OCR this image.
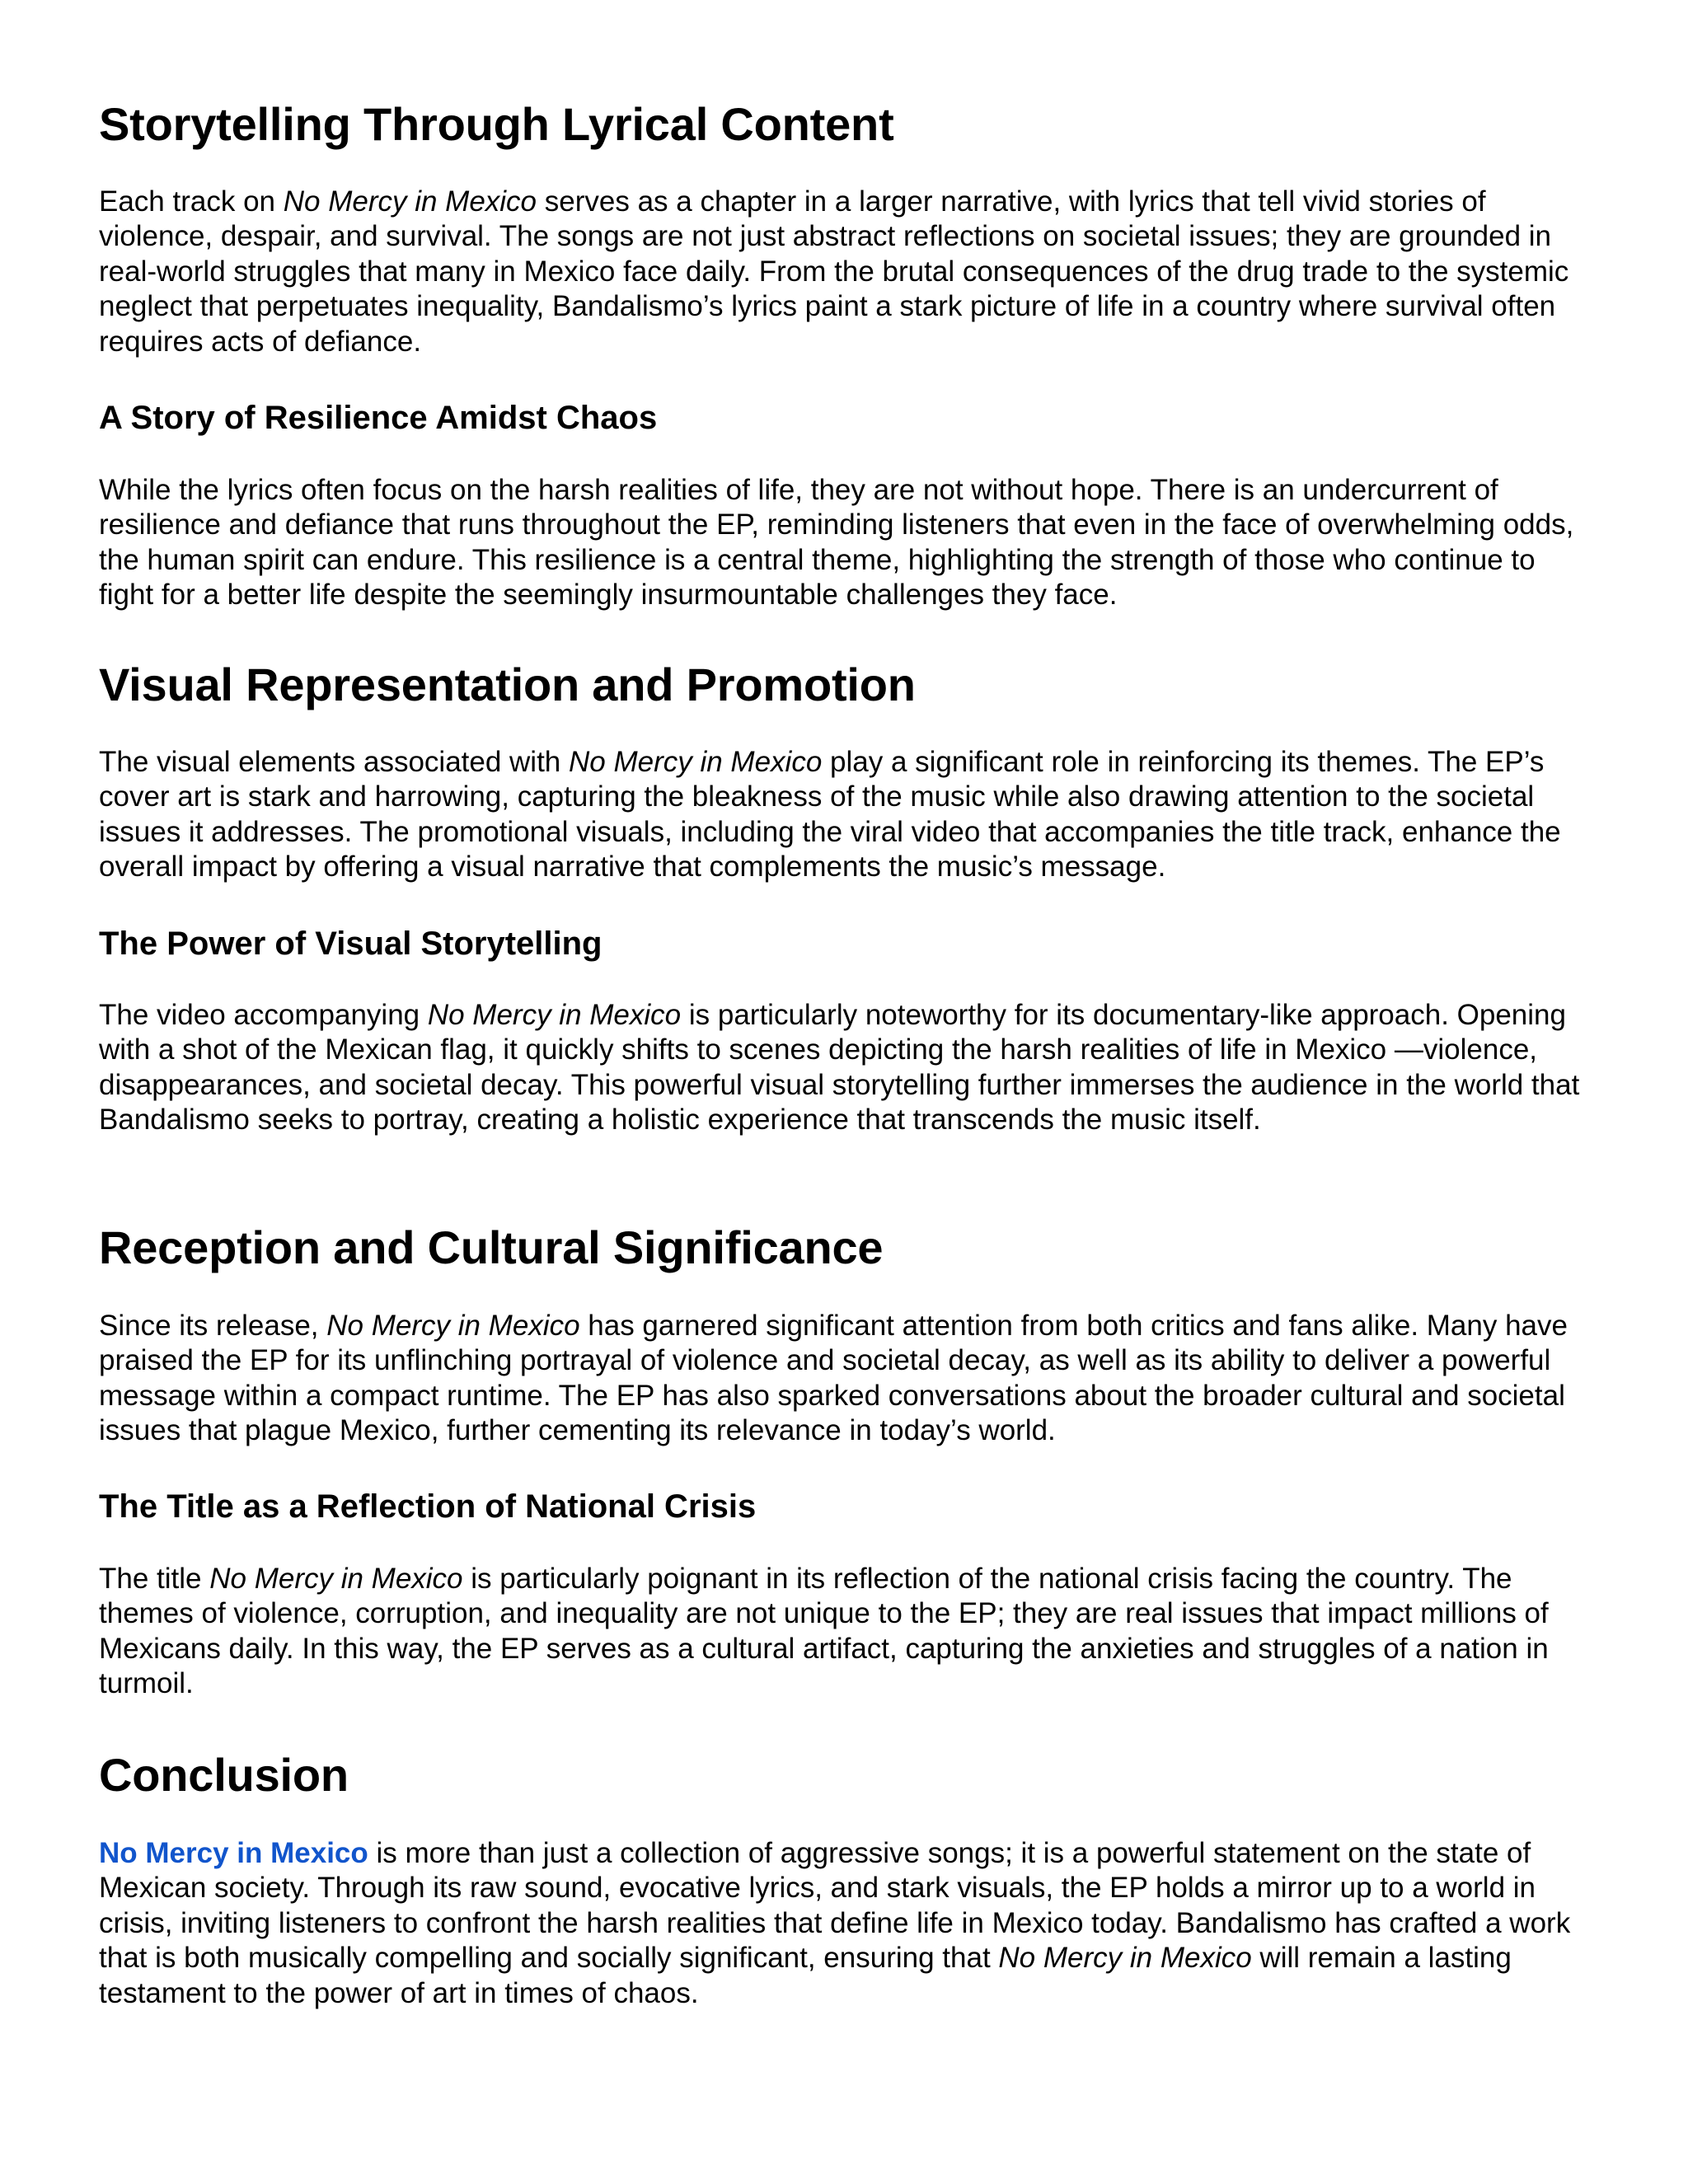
Storytelling Through Lyrical Content

Each track on No Mercy in Mexico serves as a chapter in a larger narrative, with lyrics that tell vivid stories of violence, despair, and survival. The songs are not just abstract reflections on societal issues; they are grounded in real-world struggles that many in Mexico face daily. From the brutal consequences of the drug trade to the systemic neglect that perpetuates inequality, Bandalismo’s lyrics paint a stark picture of life in a country where survival often requires acts of defiance.

A Story of Resilience Amidst Chaos

While the lyrics often focus on the harsh realities of life, they are not without hope. There is an undercurrent of resilience and defiance that runs throughout the EP, reminding listeners that even in the face of overwhelming odds, the human spirit can endure. This resilience is a central theme, highlighting the strength of those who continue to fight for a better life despite the seemingly insurmountable challenges they face.

Visual Representation and Promotion

The visual elements associated with No Mercy in Mexico play a significant role in reinforcing its themes. The EP’s cover art is stark and harrowing, capturing the bleakness of the music while also drawing attention to the societal issues it addresses. The promotional visuals, including the viral video that accompanies the title track, enhance the overall impact by offering a visual narrative that complements the music’s message.

The Power of Visual Storytelling

The video accompanying No Mercy in Mexico is particularly noteworthy for its documentary-like approach. Opening with a shot of the Mexican flag, it quickly shifts to scenes depicting the harsh realities of life in Mexico —violence, disappearances, and societal decay. This powerful visual storytelling further immerses the audience in the world that Bandalismo seeks to portray, creating a holistic experience that transcends the music itself.

Reception and Cultural Significance

Since its release, No Mercy in Mexico has garnered significant attention from both critics and fans alike. Many have praised the EP for its unflinching portrayal of violence and societal decay, as well as its ability to deliver a powerful message within a compact runtime. The EP has also sparked conversations about the broader cultural and societal issues that plague Mexico, further cementing its relevance in today’s world.

The Title as a Reflection of National Crisis

The title No Mercy in Mexico is particularly poignant in its reflection of the national crisis facing the country. The themes of violence, corruption, and inequality are not unique to the EP; they are real issues that impact millions of Mexicans daily. In this way, the EP serves as a cultural artifact, capturing the anxieties and struggles of a nation in turmoil.

Conclusion

No Mercy in Mexico is more than just a collection of aggressive songs; it is a powerful statement on the state of Mexican society. Through its raw sound, evocative lyrics, and stark visuals, the EP holds a mirror up to a world in crisis, inviting listeners to confront the harsh realities that define life in Mexico today. Bandalismo has crafted a work that is both musically compelling and socially significant, ensuring that No Mercy in Mexico will remain a lasting testament to the power of art in times of chaos.
